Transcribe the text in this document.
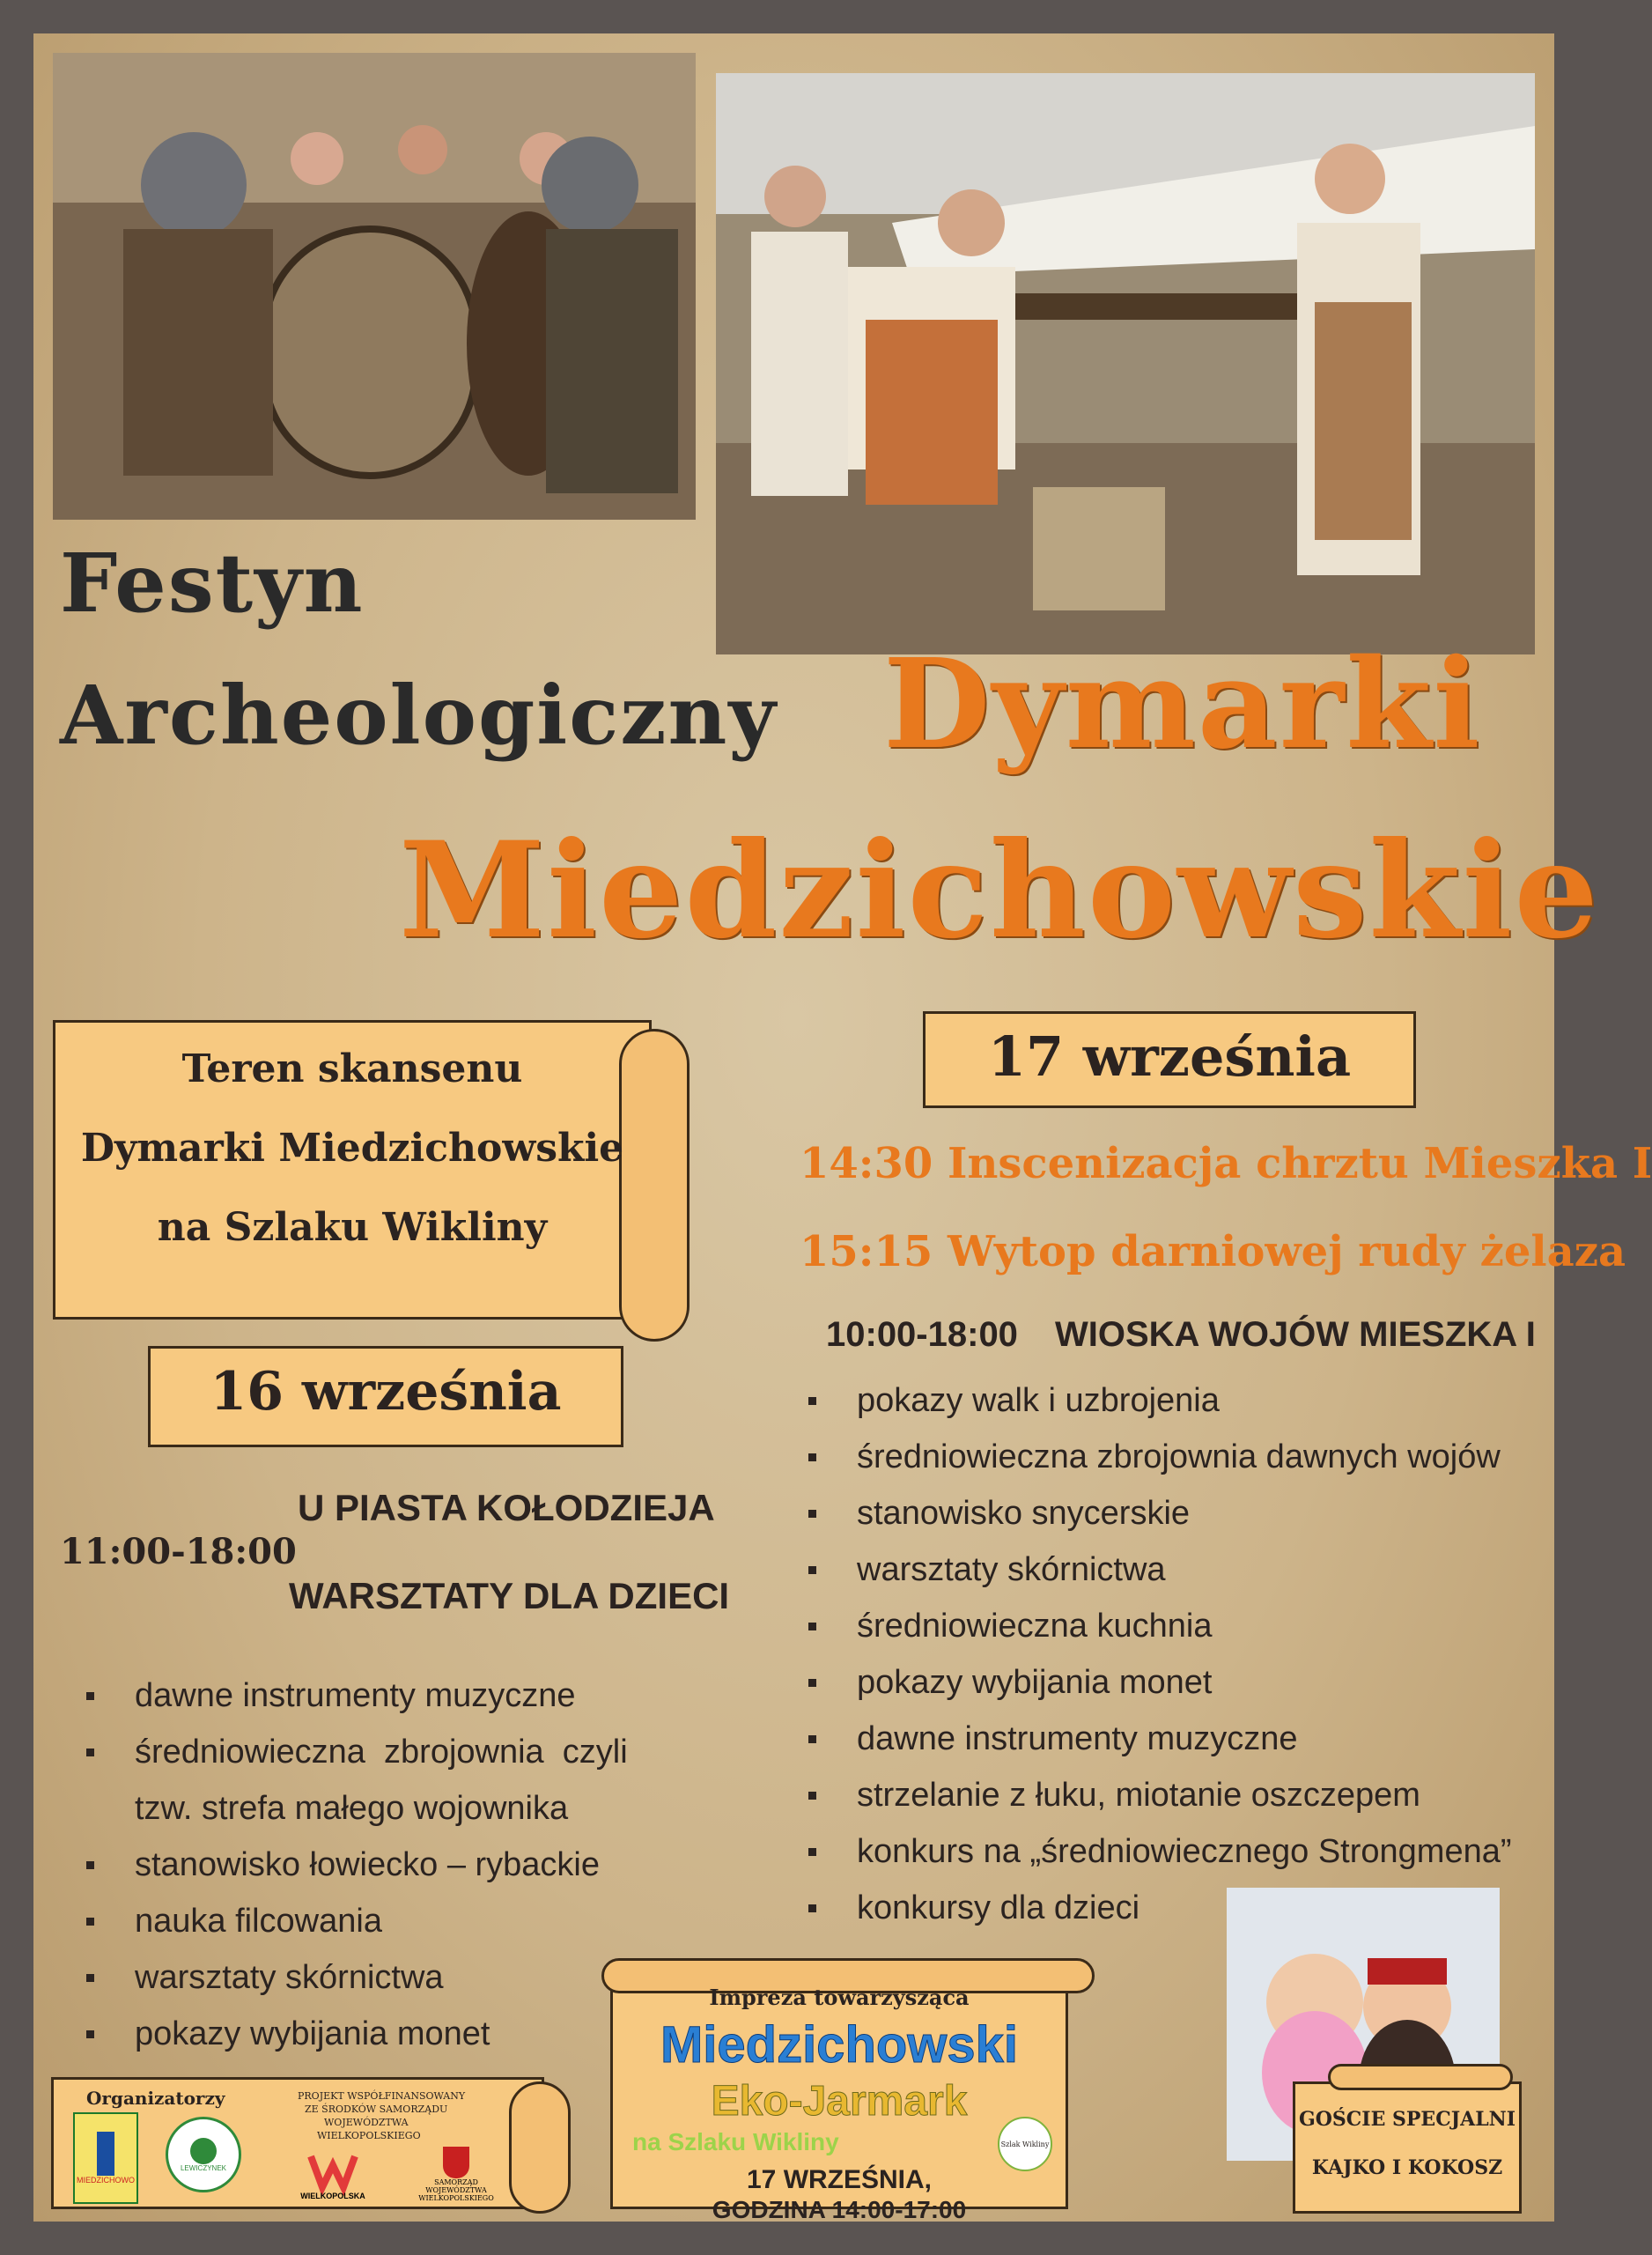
Festyn
Archeologiczny Dymarki
Miedzichowskie
Teren skansenu
Dymarki Miedzichowskie
na Szlaku Wikliny
17 września
14:30 Inscenizacja chrztu Mieszka I
15:15 Wytop darniowej rudy żelaza
10:00-18:00 WIOSKA WOJÓW MIESZKA I
pokazy walk i uzbrojenia
średniowieczna zbrojownia dawnych wojów
stanowisko snycerskie
warsztaty skórnictwa
średniowieczna kuchnia
pokazy wybijania monet
dawne instrumenty muzyczne
strzelanie z łuku, miotanie oszczepem
konkurs na „średniowiecznego Strongmena”
konkursy dla dzieci
16 września
11:00-18:00
U PIASTA KOŁODZIEJA
WARSZTATY DLA DZIECI
dawne instrumenty muzyczne
średniowieczna  zbrojownia  czyli
tzw. strefa małego wojownika
stanowisko łowiecko – rybackie
nauka filcowania
warsztaty skórnictwa
pokazy wybijania monet
Organizatorzy
MIEDZICHOWO
LEWICZYNEK
PROJEKT WSPÓŁFINANSOWANY
ZE ŚRODKÓW SAMORZĄDU
WOJEWÓDZTWA
WIELKOPOLSKIEGO
WIELKOPOLSKA
SAMORZĄD
WOJEWÓDZTWA
WIELKOPOLSKIEGO
Impreza towarzysząca
Miedzichowski
Eko-Jarmark
na Szlaku Wikliny	Szlak Wikliny
17 WRZEŚNIA,
GODZINA 14:00-17:00
GOŚCIE SPECJALNI
KAJKO I KOKOSZ
